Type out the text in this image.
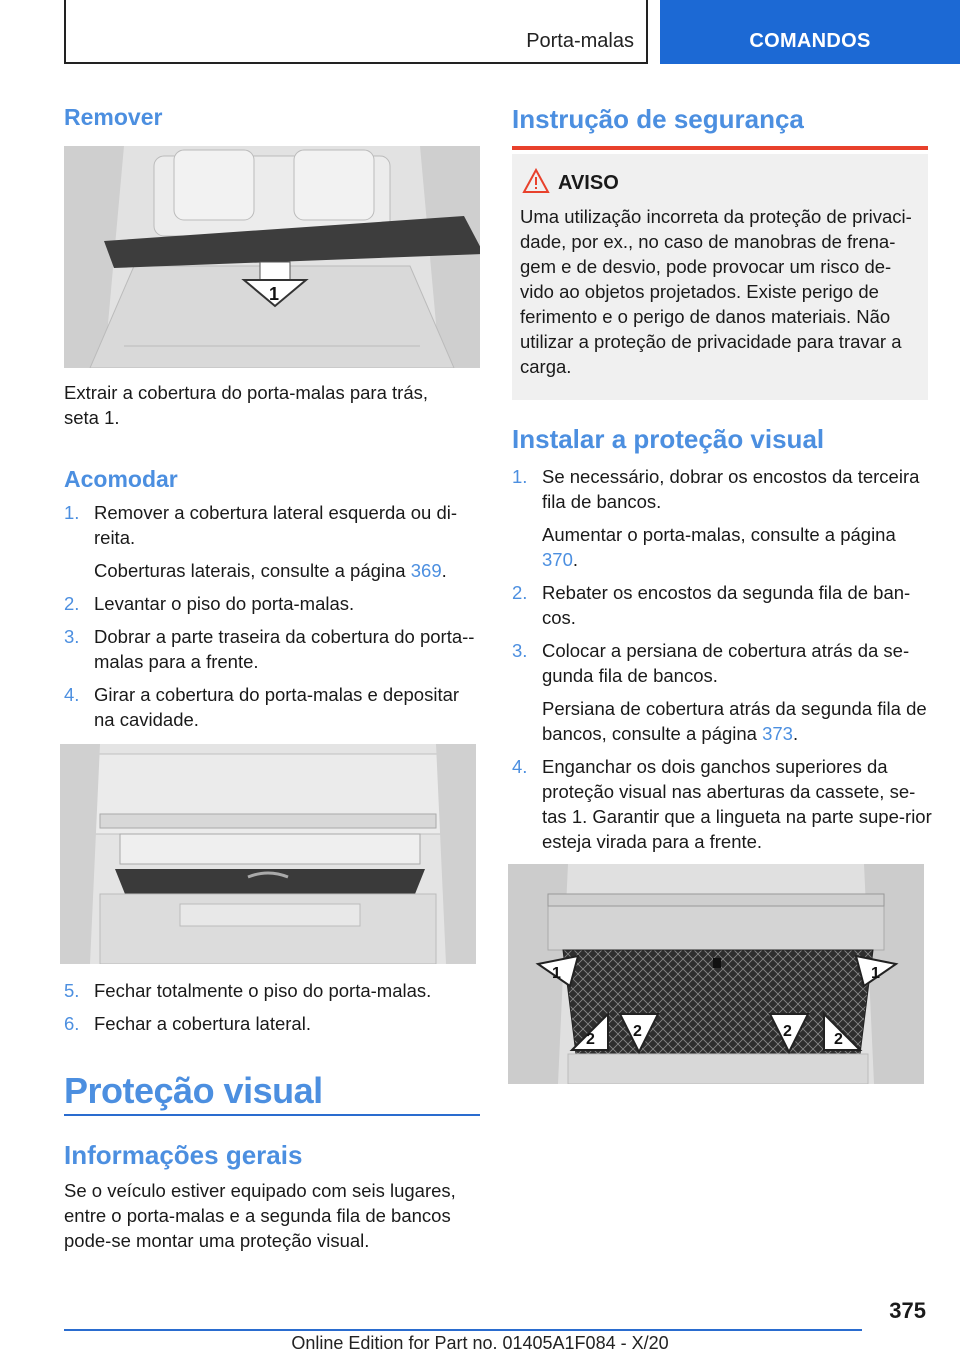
Porta-malas	COMANDOS
Remover
1
Extrair a cobertura do porta-malas para trás, seta 1.
Acomodar
1. Remover a cobertura lateral esquerda ou di-reita.
Coberturas laterais, consulte a página 369.
2. Levantar o piso do porta-malas.
3. Dobrar a parte traseira da cobertura do porta--malas para a frente.
4. Girar a cobertura do porta-malas e depositar na cavidade.
5. Fechar totalmente o piso do porta-malas.
6. Fechar a cobertura lateral.
Proteção visual
Informações gerais
Se o veículo estiver equipado com seis lugares, entre o porta-malas e a segunda fila de bancos pode-se montar uma proteção visual.
Instrução de segurança
AVISO
Uma utilização incorreta da proteção de privaci-dade, por ex., no caso de manobras de frena-gem e de desvio, pode provocar um risco de-vido ao objetos projetados. Existe perigo de ferimento e o perigo de danos materiais. Não utilizar a proteção de privacidade para travar a carga.
Instalar a proteção visual
1. Se necessário, dobrar os encostos da terceira fila de bancos.
Aumentar o porta-malas, consulte a página 370.
2. Rebater os encostos da segunda fila de ban-cos.
3. Colocar a persiana de cobertura atrás da se-gunda fila de bancos.
Persiana de cobertura atrás da segunda fila de bancos, consulte a página 373.
4. Enganchar os dois ganchos superiores da proteção visual nas aberturas da cassete, se-tas 1. Garantir que a lingueta na parte supe-rior esteja virada para a frente.
1	1
2 2	2	2
375
Online Edition for Part no. 01405A1F084 - X/20
